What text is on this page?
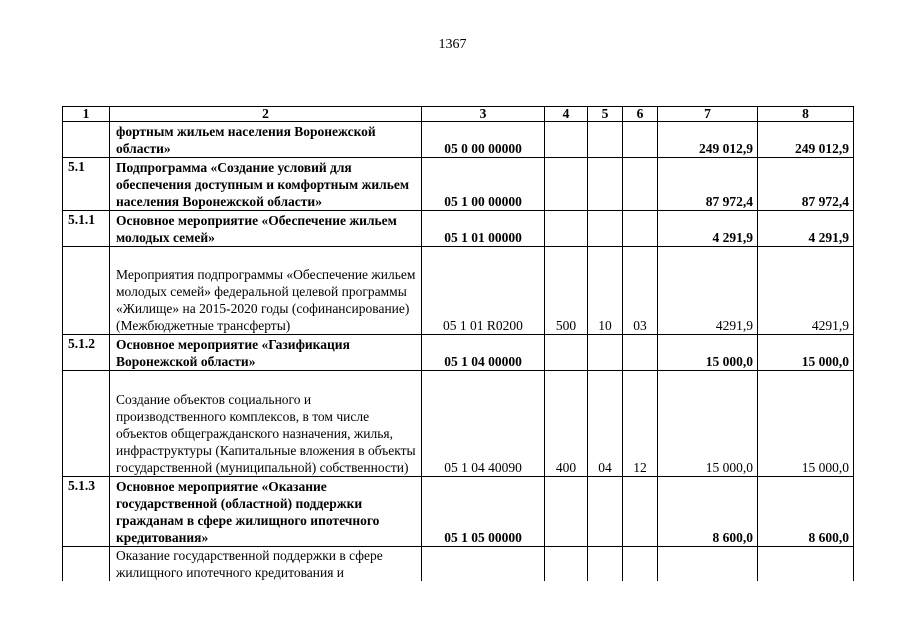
1367
1	2	3	4	5	6	7	8
	фортным жильем населения Воронежской области»	05 0 00 00000				249 012,9	249 012,9
5.1	Подпрограмма «Создание условий для обеспечения доступным и комфортным жильем населения Воронежской области»	05 1 00 00000				87 972,4	87 972,4
5.1.1	Основное мероприятие «Обеспечение жильем молодых семей»	05 1 01 00000				4 291,9	4 291,9
	Мероприятия подпрограммы «Обеспечение жильем молодых семей» федеральной целевой программы «Жилище» на 2015-2020 годы (софинансирование) (Межбюджетные трансферты)	05 1 01 R0200	500	10	03	4291,9	4291,9
5.1.2	Основное мероприятие «Газификация Воронежской области»	05 1 04 00000				15 000,0	15 000,0
	Создание объектов социального и производственного комплексов, в том числе объектов общегражданского назначения, жилья, инфраструктуры (Капитальные вложения в объекты государственной (муниципальной) собственности)	05 1 04 40090	400	04	12	15 000,0	15 000,0
5.1.3	Основное мероприятие «Оказание государственной (областной) поддержки гражданам в сфере жилищного ипотечного кредитования»	05 1 05 00000				8 600,0	8 600,0
	Оказание государственной поддержки в сфере жилищного ипотечного кредитования и						
